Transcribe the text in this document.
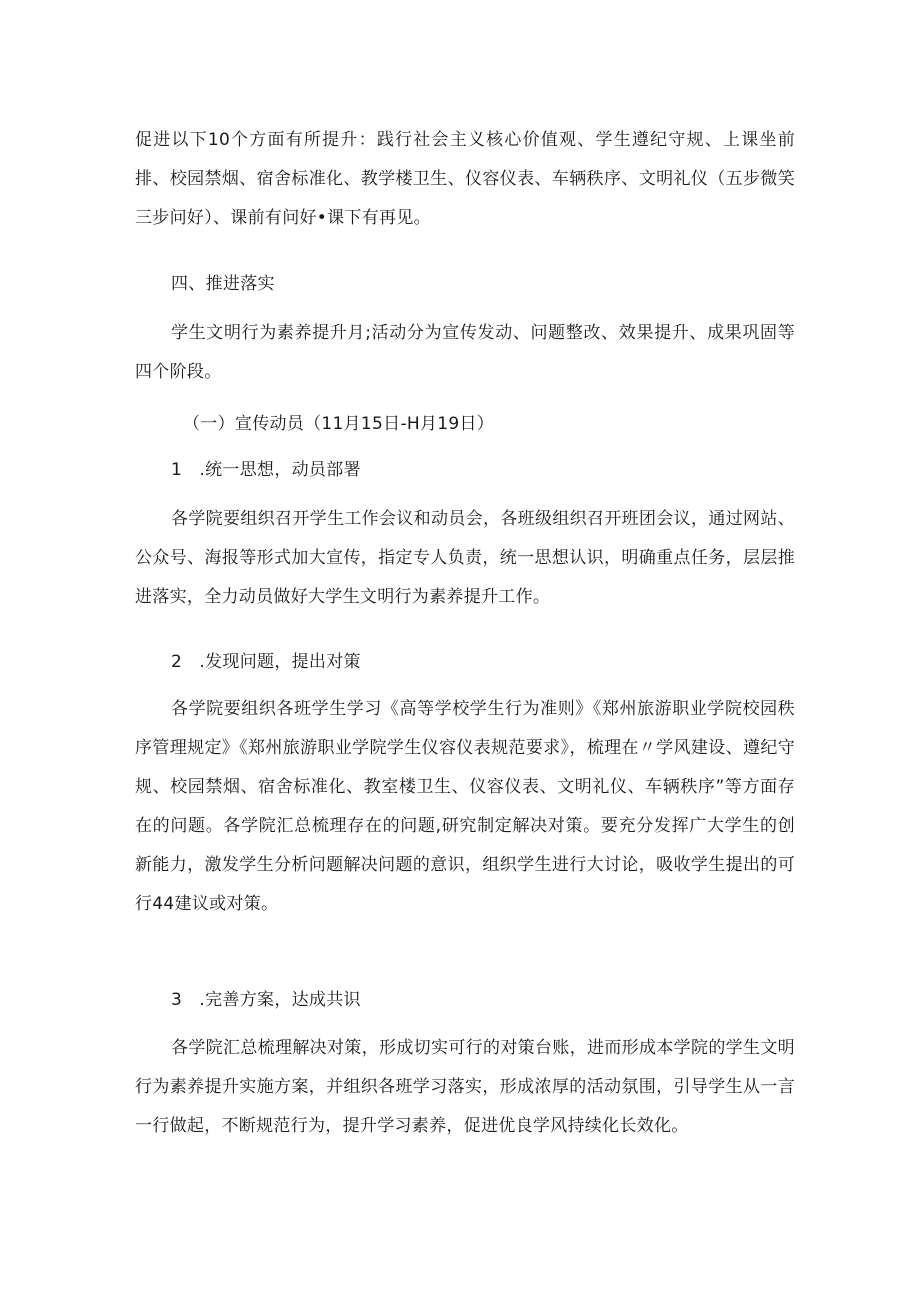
促进以下10个方面有所提升：践行社会主义核心价值观、学生遵纪守规、上课坐前排、校园禁烟、宿舍标准化、教学楼卫生、仪容仪表、车辆秩序、文明礼仪（五步微笑三步问好）、课前有问好•课下有再见。

四、推进落实

学生文明行为素养提升月;活动分为宣传发动、问题整改、效果提升、成果巩固等四个阶段。

（一）宣传动员（11月15日-H月19日）

1　.统一思想，动员部署

各学院要组织召开学生工作会议和动员会，各班级组织召开班团会议，通过网站、公众号、海报等形式加大宣传，指定专人负责，统一思想认识，明确重点任务，层层推进落实，全力动员做好大学生文明行为素养提升工作。

2　.发现问题，提出对策

各学院要组织各班学生学习《高等学校学生行为准则》《郑州旅游职业学院校园秩序管理规定》《郑州旅游职业学院学生仪容仪表规范要求》，梳理在〃学风建设、遵纪守规、校园禁烟、宿舍标准化、教室楼卫生、仪容仪表、文明礼仪、车辆秩序”等方面存在的问题。各学院汇总梳理存在的问题,研究制定解决对策。要充分发挥广大学生的创新能力，激发学生分析问题解决问题的意识，组织学生进行大讨论，吸收学生提出的可行44建议或对策。

3　.完善方案，达成共识

各学院汇总梳理解决对策，形成切实可行的对策台账，进而形成本学院的学生文明行为素养提升实施方案，并组织各班学习落实，形成浓厚的活动氛围，引导学生从一言一行做起，不断规范行为，提升学习素养，促进优良学风持续化长效化。
